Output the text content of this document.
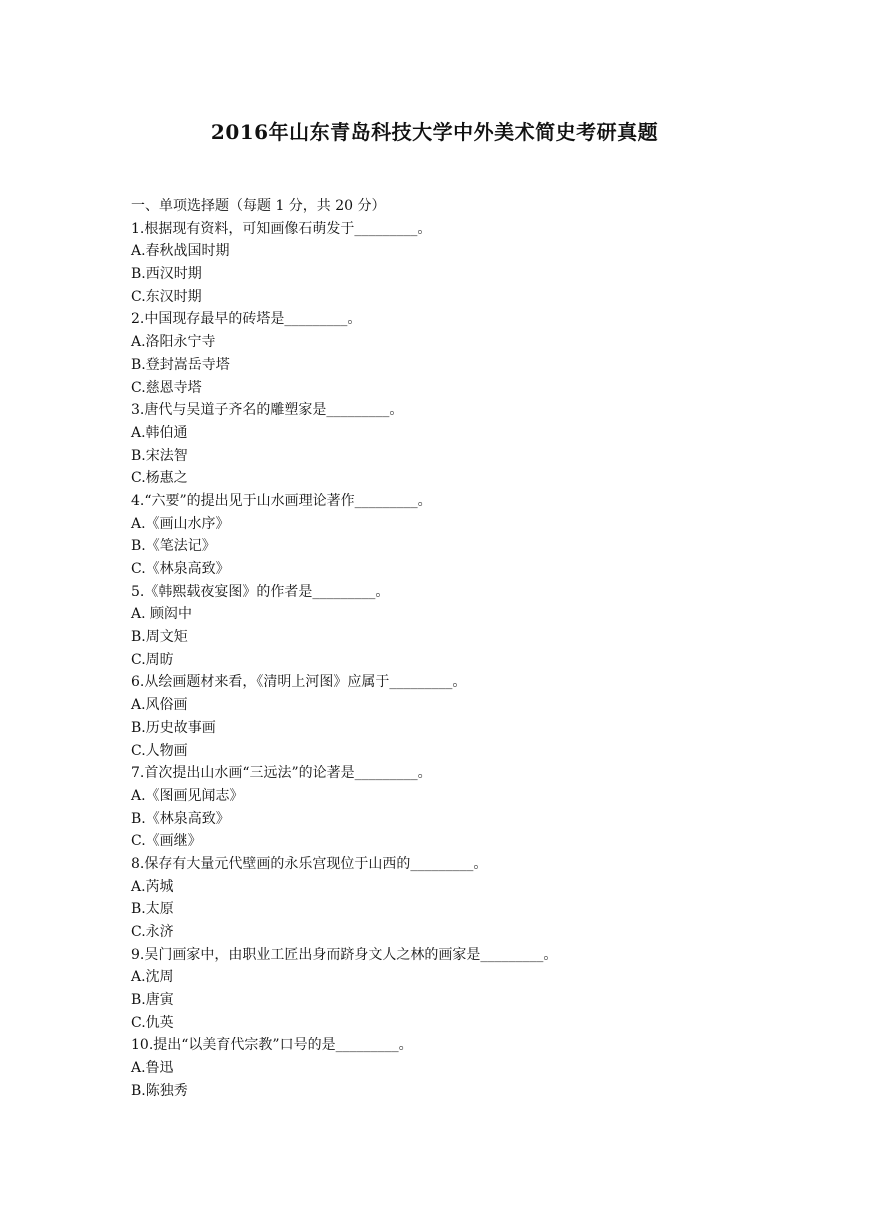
2016年山东青岛科技大学中外美术简史考研真题
一、单项选择题（每题 1 分，共 20 分）
1.根据现有资料，可知画像石萌发于_________。
A.春秋战国时期
B.西汉时期
C.东汉时期
2.中国现存最早的砖塔是_________。
A.洛阳永宁寺
B.登封嵩岳寺塔
C.慈恩寺塔
3.唐代与吴道子齐名的雕塑家是_________。
A.韩伯通
B.宋法智
C.杨惠之
4.“六要”的提出见于山水画理论著作_________。
A.《画山水序》
B.《笔法记》
C.《林泉高致》
5.《韩熙载夜宴图》的作者是_________。
A. 顾闳中
B.周文矩
C.周昉
6.从绘画题材来看，《清明上河图》应属于_________。
A.风俗画
B.历史故事画
C.人物画
7.首次提出山水画“三远法”的论著是_________。
A.《图画见闻志》
B.《林泉高致》
C.《画继》
8.保存有大量元代壁画的永乐宫现位于山西的_________。
A.芮城
B.太原
C.永济
9.吴门画家中，由职业工匠出身而跻身文人之林的画家是_________。
A.沈周
B.唐寅
C.仇英
10.提出“以美育代宗教”口号的是_________。
A.鲁迅
B.陈独秀
